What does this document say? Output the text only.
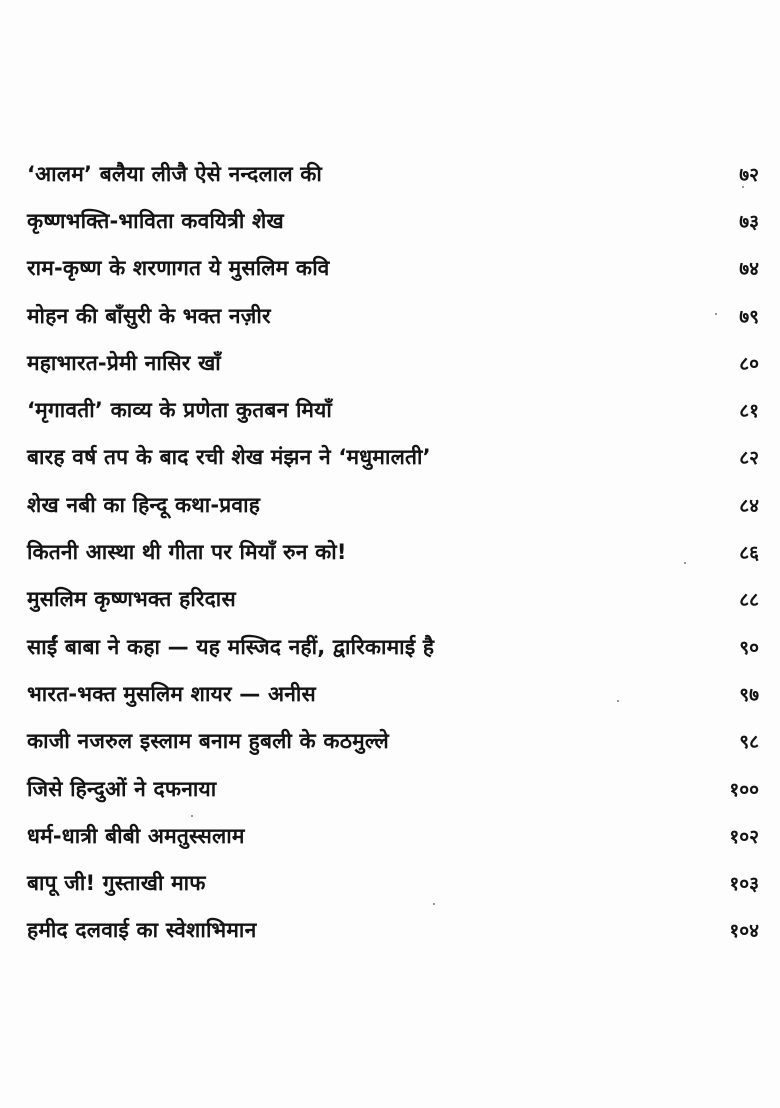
‘आलम’ बलैया लीजै ऐसे नन्दलाल की	७२
कृष्णभक्ति-भाविता कवयित्री शेख	७३
राम-कृष्ण के शरणागत ये मुसलिम कवि	७४
मोहन की बाँसुरी के भक्त नज़ीर	७९
महाभारत-प्रेमी नासिर खाँ	८०
‘मृगावती’ काव्य के प्रणेता कुतबन मियाँ	८१
बारह वर्ष तप के बाद रची शेख मंझन ने ‘मधुमालती’	८२
शेख नबी का हिन्दू कथा-प्रवाह	८४
कितनी आस्था थी गीता पर मियाँ रुन को!	८६
मुसलिम कृष्णभक्त हरिदास	८८
साईं बाबा ने कहा — यह मस्जिद नहीं, द्वारिकामाई है	९०
भारत-भक्त मुसलिम शायर — अनीस	९७
काजी नजरुल इस्लाम बनाम हुबली के कठमुल्ले	९८
जिसे हिन्दुओं ने दफनाया	१००
धर्म-धात्री बीबी अमतुस्सलाम	१०२
बापू जी! गुस्ताखी माफ	१०३
हमीद दलवाई का स्वेशाभिमान	१०४
